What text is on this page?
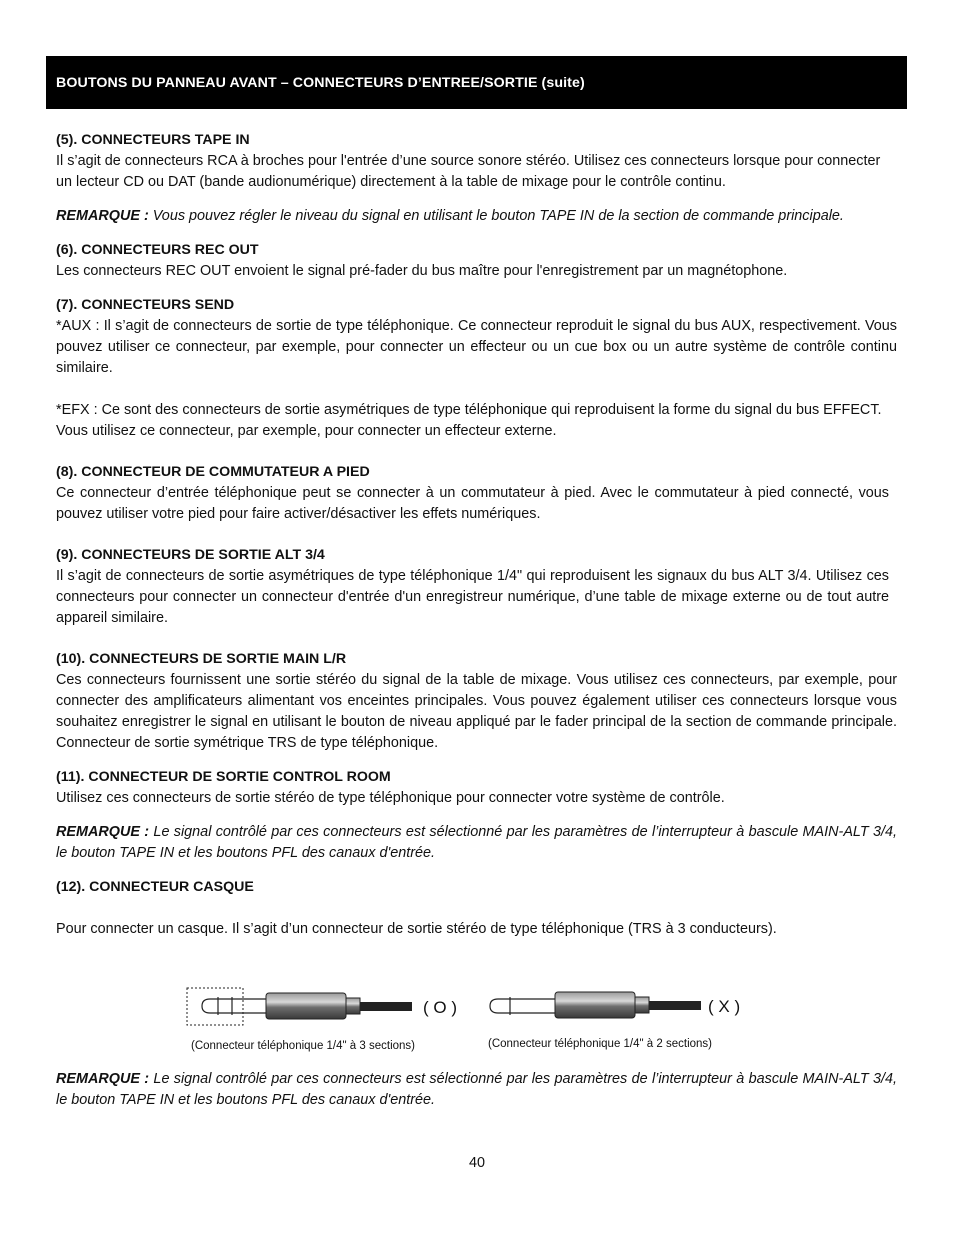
BOUTONS DU PANNEAU AVANT – CONNECTEURS D’ENTREE/SORTIE (suite)
(5). CONNECTEURS TAPE IN

Il s’agit de connecteurs RCA à broches pour l'entrée d’une source sonore stéréo. Utilisez ces connecteurs lorsque pour connecter un lecteur CD ou DAT (bande audionumérique) directement à la table de mixage pour le contrôle continu.

REMARQUE : Vous pouvez régler le niveau du signal en utilisant le bouton TAPE IN de la section de commande principale.

(6). CONNECTEURS REC OUT

Les connecteurs REC OUT envoient le signal pré-fader du bus maître pour l'enregistrement par un magnétophone.

(7). CONNECTEURS SEND

*AUX : Il s’agit de connecteurs de sortie de type téléphonique. Ce connecteur reproduit le signal du bus AUX, respectivement. Vous pouvez utiliser ce connecteur, par exemple, pour connecter un effecteur ou un cue box ou un autre système de contrôle continu similaire.

*EFX : Ce sont des connecteurs de sortie asymétriques de type téléphonique qui reproduisent la forme du signal du bus EFFECT. Vous utilisez ce connecteur, par exemple, pour connecter un effecteur externe.

(8). CONNECTEUR DE COMMUTATEUR A PIED

Ce connecteur d’entrée téléphonique peut se connecter à un commutateur à pied. Avec le commutateur à pied connecté, vous pouvez utiliser votre pied pour faire activer/désactiver les effets numériques.

(9). CONNECTEURS DE SORTIE ALT 3/4

Il s’agit de connecteurs de sortie asymétriques de type téléphonique 1/4" qui reproduisent les signaux du bus ALT 3/4. Utilisez ces connecteurs pour connecter un connecteur d'entrée d'un enregistreur numérique, d’une table de mixage externe ou de tout autre appareil similaire.

(10). CONNECTEURS DE SORTIE MAIN L/R

Ces connecteurs fournissent une sortie stéréo du signal de la table de mixage. Vous utilisez ces connecteurs, par exemple, pour connecter des amplificateurs alimentant vos enceintes principales. Vous pouvez également utiliser ces connecteurs lorsque vous souhaitez enregistrer le signal en utilisant le bouton de niveau appliqué par le fader principal de la section de commande principale. Connecteur de sortie symétrique TRS de type téléphonique.

(11). CONNECTEUR DE SORTIE CONTROL ROOM

Utilisez ces connecteurs de sortie stéréo de type téléphonique pour connecter votre système de contrôle.

REMARQUE : Le signal contrôlé par ces connecteurs est sélectionné par les paramètres de l’interrupteur à bascule MAIN-ALT 3/4, le bouton TAPE IN et les boutons PFL des canaux d'entrée.

(12). CONNECTEUR CASQUE

Pour connecter un casque. Il s’agit d’un connecteur de sortie stéréo de type téléphonique (TRS à 3 conducteurs).

( O )	( X )
(Connecteur téléphonique 1/4" à 3 sections)	(Connecteur téléphonique 1/4" à 2 sections)

REMARQUE : Le signal contrôlé par ces connecteurs est sélectionné par les paramètres de l’interrupteur à bascule MAIN-ALT 3/4, le bouton TAPE IN et les boutons PFL des canaux d'entrée.

40
